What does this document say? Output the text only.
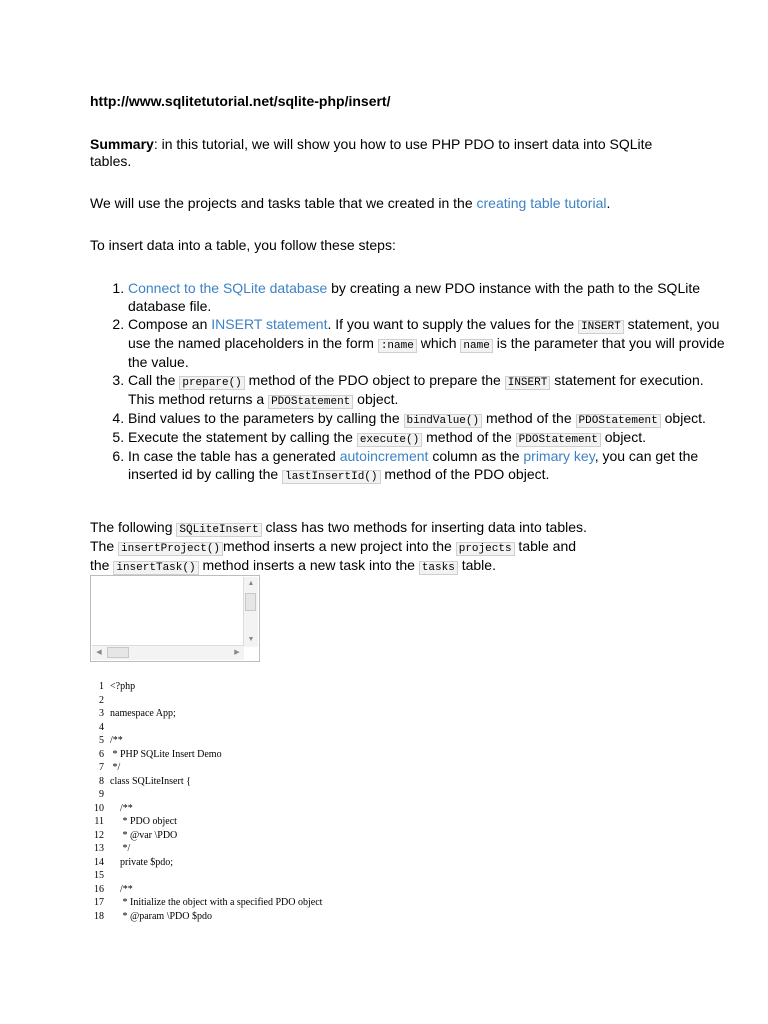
http://www.sqlitetutorial.net/sqlite-php/insert/
Summary: in this tutorial, we will show you how to use PHP PDO to insert data into SQLite tables.
We will use the projects and tasks table that we created in the creating table tutorial.
To insert data into a table, you follow these steps:
1. Connect to the SQLite database by creating a new PDO instance with the path to the SQLite database file.
2. Compose an INSERT statement. If you want to supply the values for the INSERT statement, you use the named placeholders in the form :name which name is the parameter that you will provide the value.
3. Call the prepare() method of the PDO object to prepare the INSERT statement for execution. This method returns a PDOStatement object.
4. Bind values to the parameters by calling the bindValue() method of the PDOStatement object.
5. Execute the statement by calling the execute() method of the PDOStatement object.
6. In case the table has a generated autoincrement column as the primary key, you can get the inserted id by calling the lastInsertId() method of the PDO object.
The following SQLiteInsert class has two methods for inserting data into tables.
The insertProject() method inserts a new project into the projects table and
the insertTask() method inserts a new task into the tasks table.
▲
▼
◀	▶
1 <?php
2
3 namespace App;
4
5 /**
6 * PHP SQLite Insert Demo
7 */
8 class SQLiteInsert {
9
10    /**
11     * PDO object
12     * @var \PDO
13     */
14    private $pdo;
15
16    /**
17     * Initialize the object with a specified PDO object
18     * @param \PDO $pdo
